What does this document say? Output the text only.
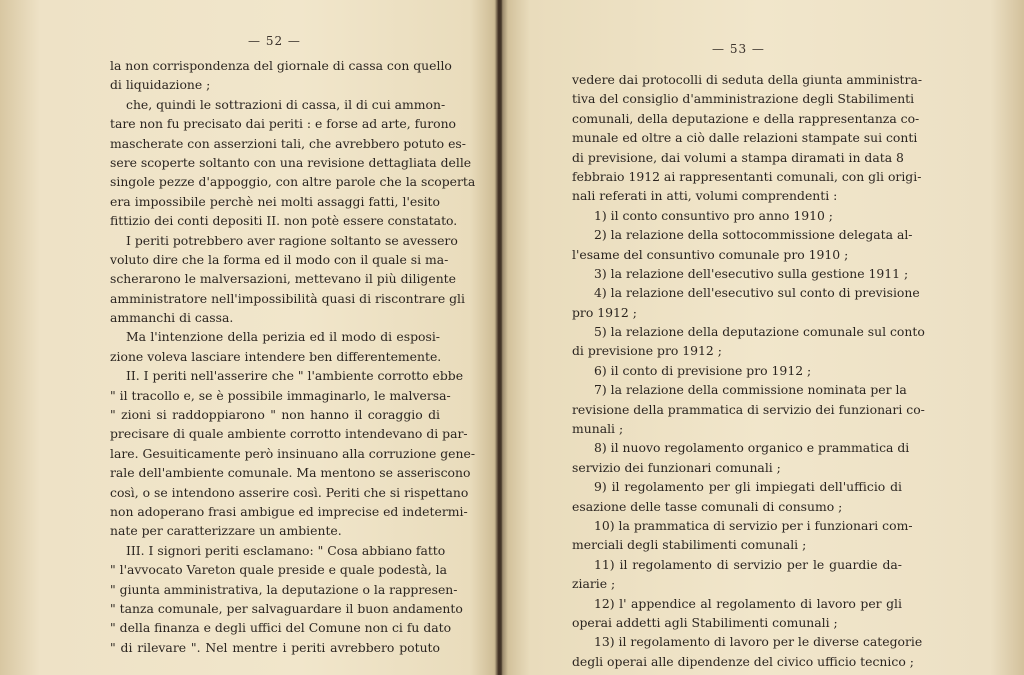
— 52 —
la non corrispondenza del giornale di cassa con quello
di liquidazione ;
che, quindi le sottrazioni di cassa, il di cui ammon-
tare non fu precisato dai periti : e forse ad arte, furono
mascherate con asserzioni tali, che avrebbero potuto es-
sere scoperte soltanto con una revisione dettagliata delle
singole pezze d'appoggio, con altre parole che la scoperta
era impossibile perchè nei molti assaggi fatti, l'esito
fittizio dei conti depositi II. non potè essere constatato.
I periti potrebbero aver ragione soltanto se avessero
voluto dire che la forma ed il modo con il quale si ma-
scherarono le malversazioni, mettevano il più diligente
amministratore nell'impossibilità quasi di riscontrare gli
ammanchi di cassa.
Ma l'intenzione della perizia ed il modo di esposi-
zione voleva lasciare intendere ben differentemente.
II. I periti nell'asserire che " l'ambiente corrotto ebbe
" il tracollo e, se è possibile immaginarlo, le malversa-
" zioni si raddoppiarono " non hanno il coraggio di
precisare di quale ambiente corrotto intendevano di par-
lare. Gesuiticamente però insinuano alla corruzione gene-
rale dell'ambiente comunale. Ma mentono se asseriscono
così, o se intendono asserire così. Periti che si rispettano
non adoperano frasi ambigue ed imprecise ed indetermi-
nate per caratterizzare un ambiente.
III. I signori periti esclamano: " Cosa abbiano fatto
" l'avvocato Vareton quale preside e quale podestà, la
" giunta amministrativa, la deputazione o la rappresen-
" tanza comunale, per salvaguardare il buon andamento
" della finanza e degli uffici del Comune non ci fu dato
" di rilevare ". Nel mentre i periti avrebbero potuto
— 53 —
vedere dai protocolli di seduta della giunta amministra-
tiva del consiglio d'amministrazione degli Stabilimenti
comunali, della deputazione e della rappresentanza co-
munale ed oltre a ciò dalle relazioni stampate sui conti
di previsione, dai volumi a stampa diramati in data 8
febbraio 1912 ai rappresentanti comunali, con gli origi-
nali referati in atti, volumi comprendenti :
1) il conto consuntivo pro anno 1910 ;
2) la relazione della sottocommissione delegata al-
l'esame del consuntivo comunale pro 1910 ;
3) la relazione dell'esecutivo sulla gestione 1911 ;
4) la relazione dell'esecutivo sul conto di previsione
pro 1912 ;
5) la relazione della deputazione comunale sul conto
di previsione pro 1912 ;
6) il conto di previsione pro 1912 ;
7) la relazione della commissione nominata per la
revisione della prammatica di servizio dei funzionari co-
munali ;
8) il nuovo regolamento organico e prammatica di
servizio dei funzionari comunali ;
9) il regolamento per gli impiegati dell'ufficio di
esazione delle tasse comunali di consumo ;
10) la prammatica di servizio per i funzionari com-
merciali degli stabilimenti comunali ;
11) il regolamento di servizio per le guardie da-
ziarie ;
12) l' appendice al regolamento di lavoro per gli
operai addetti agli Stabilimenti comunali ;
13) il regolamento di lavoro per le diverse categorie
degli operai alle dipendenze del civico ufficio tecnico ;
